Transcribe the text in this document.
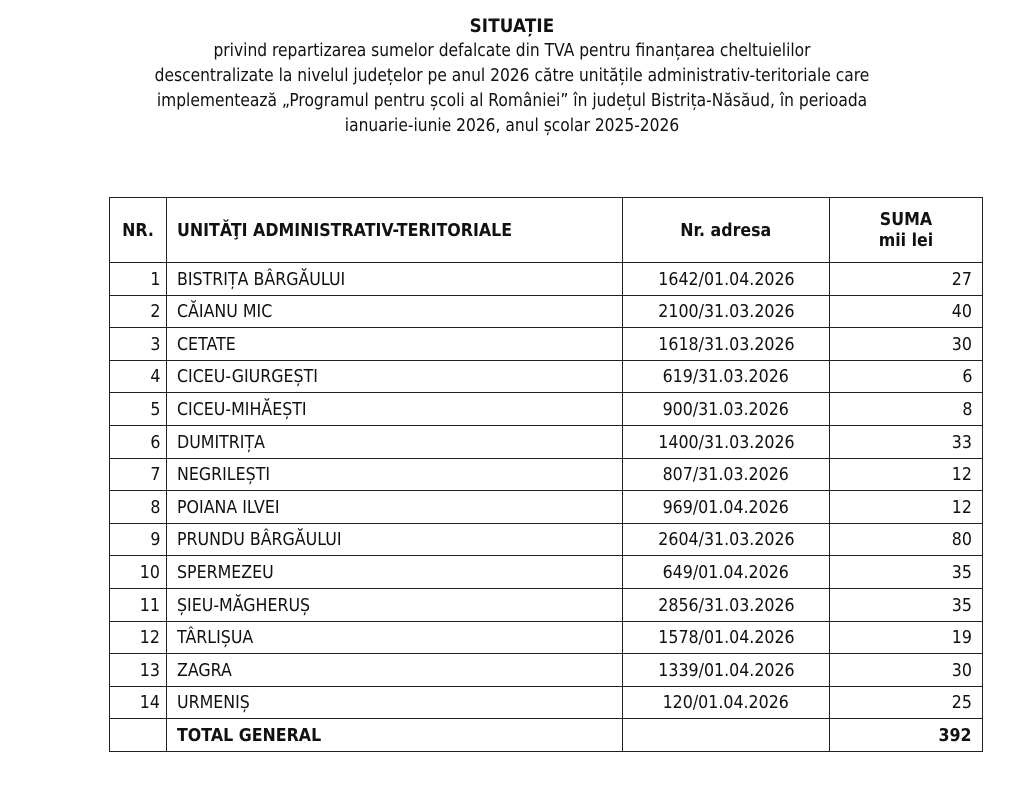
SITUAȚIE
privind repartizarea sumelor defalcate din TVA pentru finanțarea cheltuielilor
descentralizate la nivelul județelor pe anul 2026 către unitățile administrativ-teritoriale care
implementează „Programul pentru școli al României” în județul Bistrița-Năsăud, în perioada
ianuarie-iunie 2026, anul școlar 2025-2026
NR.	UNITĂŢI ADMINISTRATIV-TERITORIALE	Nr. adresa	SUMA
mii lei

1	BISTRIȚA BÂRGĂULUI	1642/01.04.2026	27
2	CĂIANU MIC	2100/31.03.2026	40
3	CETATE	1618/31.03.2026	30
4	CICEU-GIURGEȘTI	619/31.03.2026	6
5	CICEU-MIHĂEȘTI	900/31.03.2026	8
6	DUMITRIȚA	1400/31.03.2026	33
7	NEGRILEȘTI	807/31.03.2026	12
8	POIANA ILVEI	969/01.04.2026	12
9	PRUNDU BÂRGĂULUI	2604/31.03.2026	80
10	SPERMEZEU	649/01.04.2026	35
11	ȘIEU-MĂGHERUȘ	2856/31.03.2026	35
12	TÂRLIȘUA	1578/01.04.2026	19
13	ZAGRA	1339/01.04.2026	30
14	URMENIȘ	120/01.04.2026	25
	TOTAL GENERAL		392
